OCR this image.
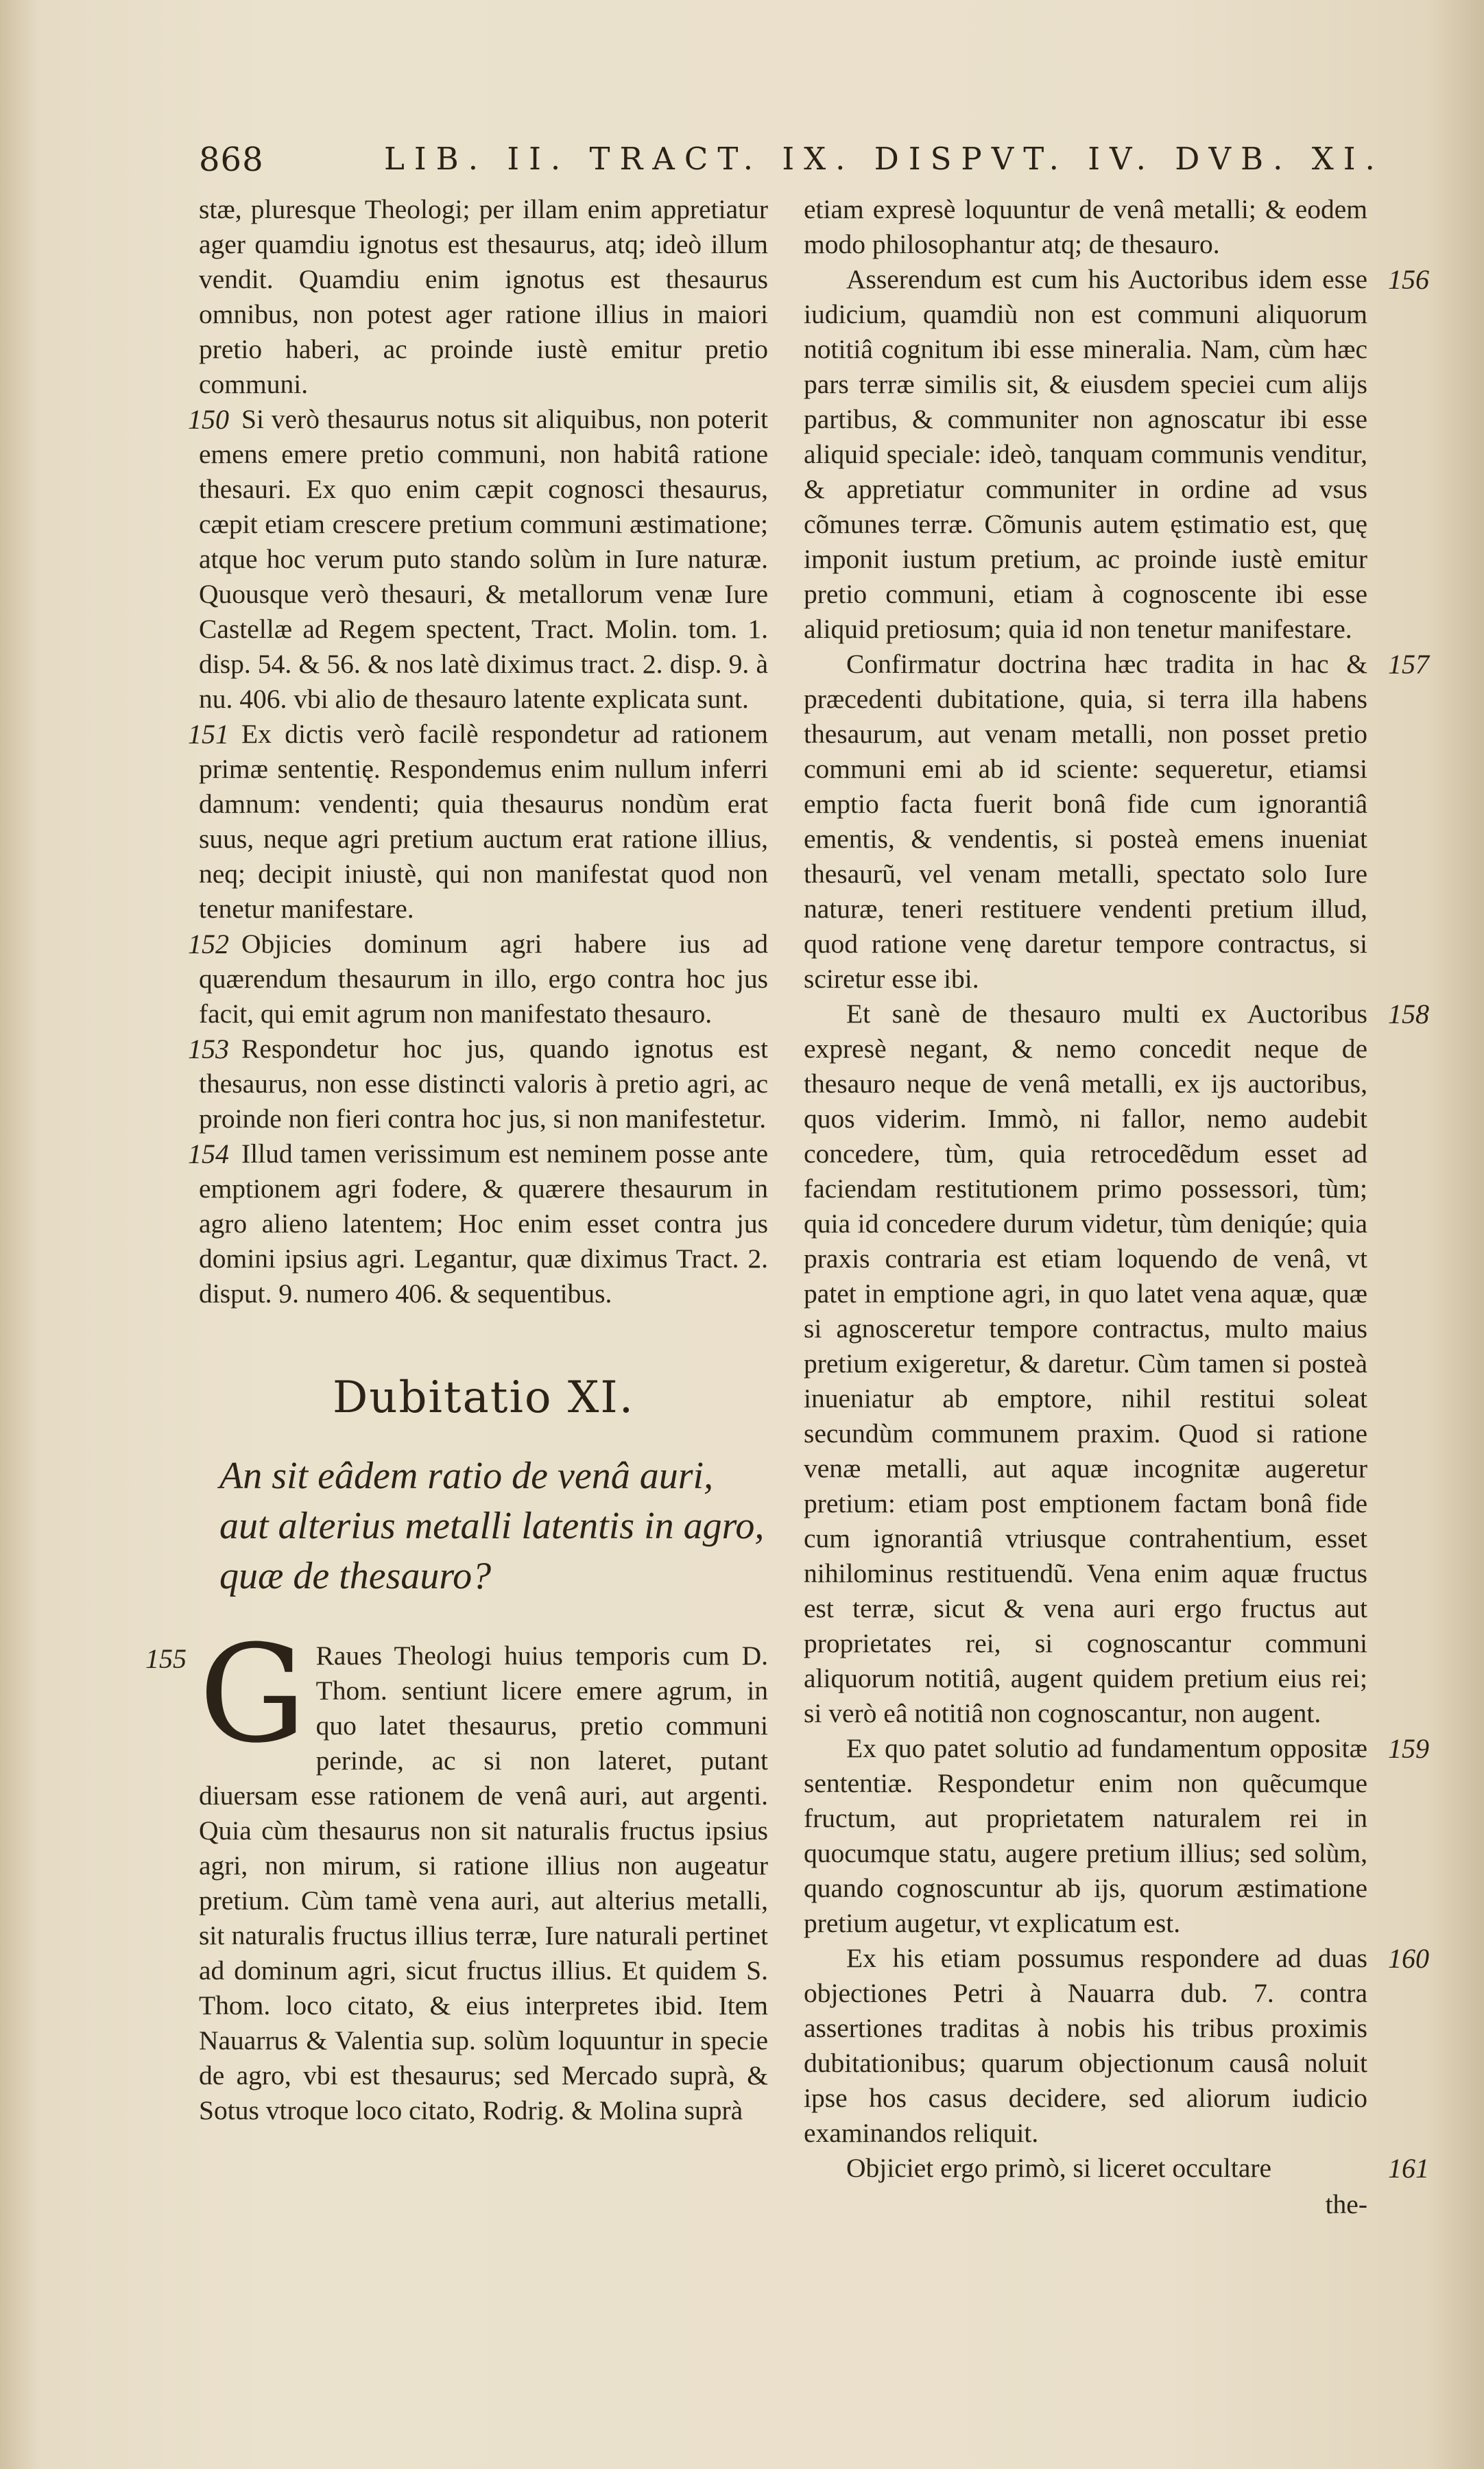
868	LIB. II. TRACT. IX. DISPVT. IV. DVB. XI.

stæ, pluresque Theologi; per illam enim appretiatur ager quamdiu ignotus est thesaurus, atq; ideò illum vendit. Quamdiu enim ignotus est thesaurus omnibus, non potest ager ratione illius in maiori pretio haberi, ac proinde iustè emitur pretio communi.

150 Si verò thesaurus notus sit aliquibus, non poterit emens emere pretio communi, non habitâ ratione thesauri. Ex quo enim cæpit cognosci thesaurus, cæpit etiam crescere pretium communi æstimatione; atque hoc verum puto stando solùm in Iure naturæ. Quousque verò thesauri, & metallorum venæ Iure Castellæ ad Regem spectent, Tract. Molin. tom. 1. disp. 54. & 56. & nos latè diximus tract. 2. disp. 9. à nu. 406. vbi alio de thesauro latente explicata sunt.
151 Ex dictis verò facilè respondetur ad rationem primæ sententię. Respondemus enim nullum inferri damnum: vendenti; quia thesaurus nondùm erat suus, neque agri pretium auctum erat ratione illius, neq; decipit iniustè, qui non manifestat quod non tenetur manifestare.
152 Objicies dominum agri habere ius ad quærendum thesaurum in illo, ergo contra hoc jus facit, qui emit agrum non manifestato thesauro.
153 Respondetur hoc jus, quando ignotus est thesaurus, non esse distincti valoris à pretio agri, ac proinde non fieri contra hoc jus, si non manifestetur.
154 Illud tamen verissimum est neminem posse ante emptionem agri fodere, & quærere thesaurum in agro alieno latentem; Hoc enim esset contra jus domini ipsius agri. Legantur, quæ diximus Tract. 2. disput. 9. numero 406. & sequentibus.
Dubitatio XI.

An sit eâdem ratio de venâ auri, aut alterius metalli latentis in agro, quæ de thesauro?

155 G Raues Theologi huius temporis cum D. Thom. sentiunt licere emere agrum, in quo latet thesaurus, pretio communi perinde, ac si non lateret, putant diuersam esse rationem de venâ auri, aut argenti. Quia cùm thesaurus non sit naturalis fructus ipsius agri, non mirum, si ratione illius non augeatur pretium. Cùm tamè vena auri, aut alterius metalli, sit naturalis fructus illius terræ, Iure naturali pertinet ad dominum agri, sicut fructus illius. Et quidem S. Thom. loco citato, & eius interpretes ibid. Item Nauarrus & Valentia sup. solùm loquuntur in specie de agro, vbi est thesaurus; sed Mercado suprà, & Sotus vtroque loco citato, Rodrig. & Molina suprà

etiam expresè loquuntur de venâ metalli; & eodem modo philosophantur atq; de thesauro.

156
Asserendum est cum his Auctoribus idem esse iudicium, quamdiù non est communi aliquorum notitiâ cognitum ibi esse mineralia. Nam, cùm hæc pars terræ similis sit, & eiusdem speciei cum alijs partibus, & communiter non agnoscatur ibi esse aliquid speciale: ideò, tanquam communis venditur, & appretiatur communiter in ordine ad vsus cõmunes terræ. Cõmunis autem ęstimatio est, quę imponit iustum pretium, ac proinde iustè emitur pretio communi, etiam à cognoscente ibi esse aliquid pretiosum; quia id non tenetur manifestare.
157
Confirmatur doctrina hæc tradita in hac & præcedenti dubitatione, quia, si terra illa habens thesaurum, aut venam metalli, non posset pretio communi emi ab id sciente: sequeretur, etiamsi emptio facta fuerit bonâ fide cum ignorantiâ ementis, & vendentis, si posteà emens inueniat thesaurũ, vel venam metalli, spectato solo Iure naturæ, teneri restituere vendenti pretium illud, quod ratione venę daretur tempore contractus, si sciretur esse ibi.
158
Et sanè de thesauro multi ex Auctoribus expresè negant, & nemo concedit neque de thesauro neque de venâ metalli, ex ijs auctoribus, quos viderim. Immò, ni fallor, nemo audebit concedere, tùm, quia retrocedẽdum esset ad faciendam restitutionem primo possessori, tùm; quia id concedere durum videtur, tùm deniqúe; quia praxis contraria est etiam loquendo de venâ, vt patet in emptione agri, in quo latet vena aquæ, quæ si agnosceretur tempore contractus, multo maius pretium exigeretur, & daretur. Cùm tamen si posteà inueniatur ab emptore, nihil restitui soleat secundùm communem praxim. Quod si ratione venæ metalli, aut aquæ incognitæ augeretur pretium: etiam post emptionem factam bonâ fide cum ignorantiâ vtriusque contrahentium, esset nihilominus restituendũ. Vena enim aquæ fructus est terræ, sicut & vena auri ergo fructus aut proprietates rei, si cognoscantur communi aliquorum notitiâ, augent quidem pretium eius rei; si verò eâ notitiâ non cognoscantur, non augent.
159
Ex quo patet solutio ad fundamentum oppositæ sententiæ. Respondetur enim non quẽcumque fructum, aut proprietatem naturalem rei in quocumque statu, augere pretium illius; sed solùm, quando cognoscuntur ab ijs, quorum æstimatione pretium augetur, vt explicatum est.
160
Ex his etiam possumus respondere ad duas objectiones Petri à Nauarra dub. 7. contra assertiones traditas à nobis his tribus proximis dubitationibus; quarum objectionum causâ noluit ipse hos casus decidere, sed aliorum iudicio examinandos reliquit.
161
Objiciet ergo primò, si liceret occultare
the-
